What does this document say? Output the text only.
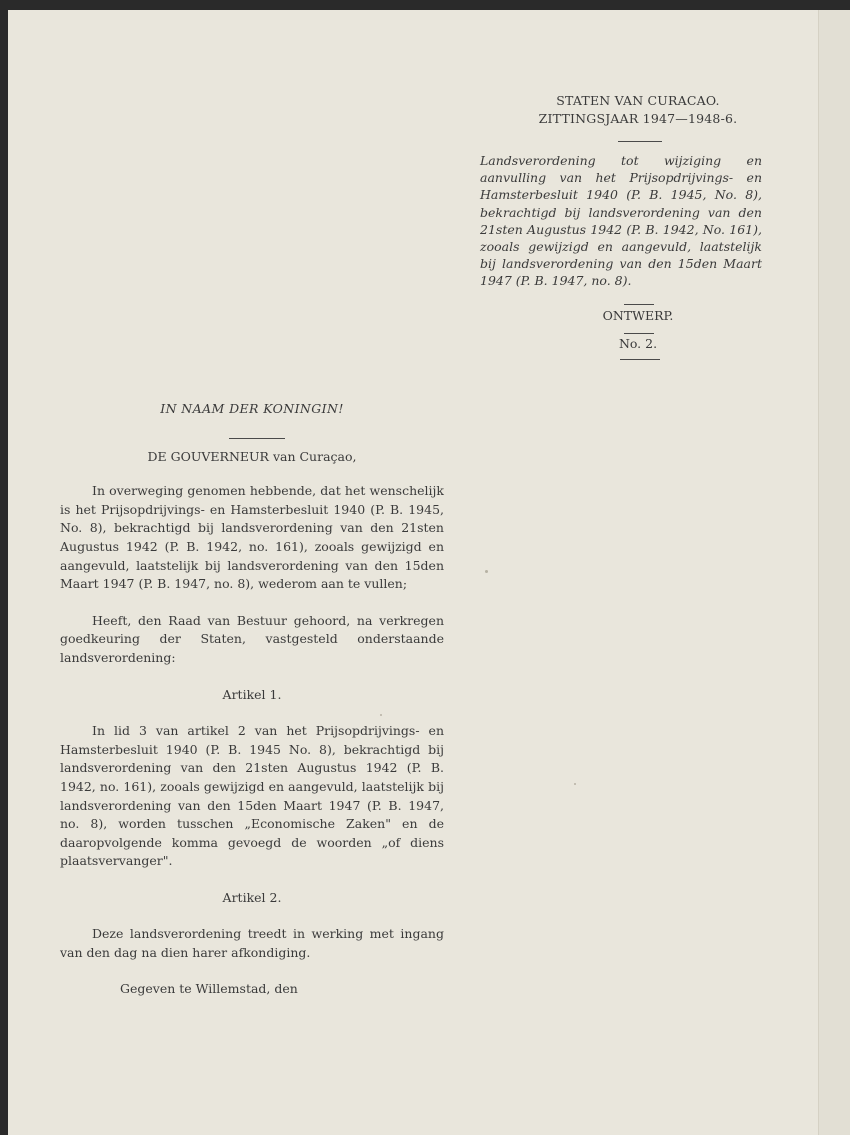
STATEN VAN CURACAO.
ZITTINGSJAAR 1947—1948-6.
Landsverordening tot wijziging en aanvulling van het Prijsopdrijvings- en Hamsterbesluit 1940 (P. B. 1945, No. 8), bekrachtigd bij landsverordening van den 21sten Augustus 1942 (P. B. 1942, No. 161), zooals gewijzigd en aangevuld, laatstelijk bij landsverordening van den 15den Maart 1947 (P. B. 1947, no. 8).
ONTWERP.
No. 2.

IN NAAM DER KONINGIN!

DE GOUVERNEUR van Curaçao,

In overweging genomen hebbende, dat het wenschelijk is het Prijsopdrijvings- en Hamsterbesluit 1940 (P. B. 1945, No. 8), bekrachtigd bij landsverordening van den 21sten Augustus 1942 (P. B. 1942, no. 161), zooals gewijzigd en aangevuld, laatstelijk bij landsverordening van den 15den Maart 1947 (P. B. 1947, no. 8), wederom aan te vullen;

Heeft, den Raad van Bestuur gehoord, na verkregen goedkeuring der Staten, vastgesteld onderstaande landsverordening:

Artikel 1.

In lid 3 van artikel 2 van het Prijsopdrijvings- en Hamsterbesluit 1940 (P. B. 1945 No. 8), bekrachtigd bij landsverordening van den 21sten Augustus 1942 (P. B. 1942, no. 161), zooals gewijzigd en aangevuld, laatstelijk bij landsverordening van den 15den Maart 1947 (P. B. 1947, no. 8), worden tusschen „Economische Zaken" en de daaropvolgende komma gevoegd de woorden „of diens plaatsvervanger".

Artikel 2.

Deze landsverordening treedt in werking met ingang van den dag na dien harer afkondiging.

Gegeven te Willemstad, den
